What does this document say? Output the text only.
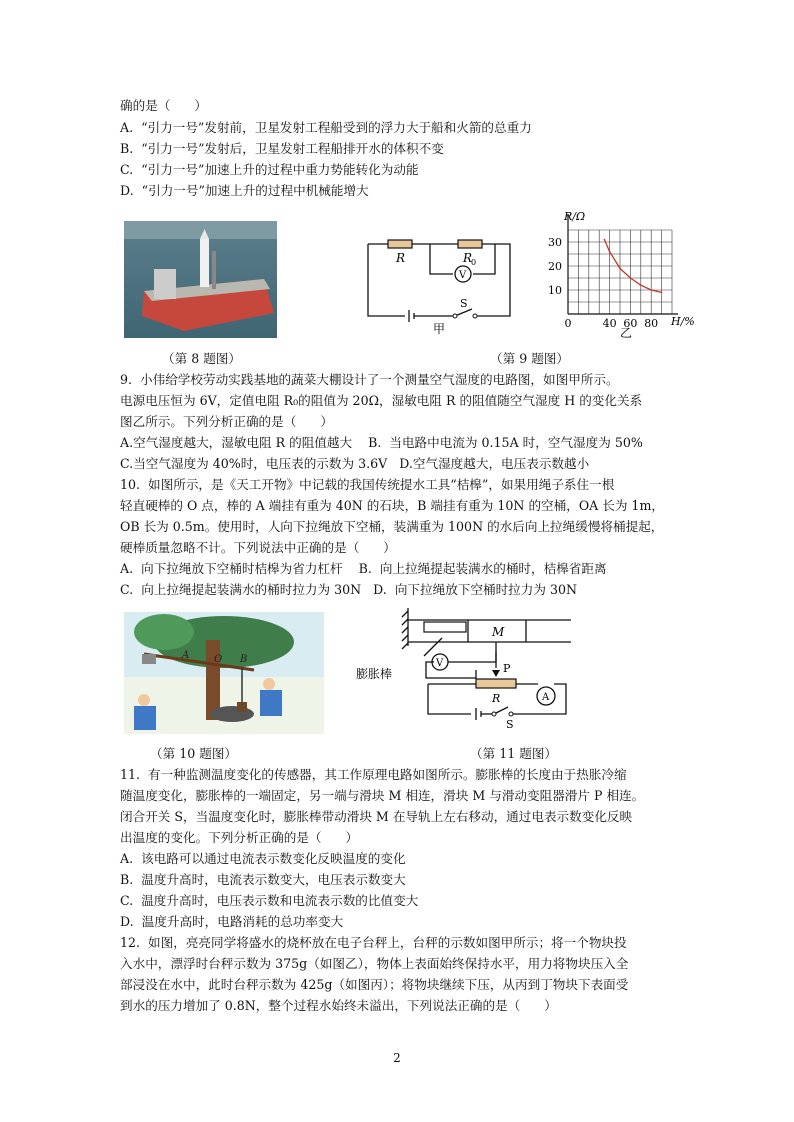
确的是（      ）
A.  “引力一号”发射前，卫星发射工程船受到的浮力大于船和火箭的总重力
B.  “引力一号”发射后，卫星发射工程船排开水的体积不变
C.  “引力一号”加速上升的过程中重力势能转化为动能
D.  “引力一号”加速上升的过程中机械能增大
（第 8 题图）
R	R
0
V
S
甲	0	40 60 80
10
20
30
R/Ω
H/%
乙
（第 9 题图）
9.  小伟给学校劳动实践基地的蔬菜大棚设计了一个测量空气湿度的电路图，如图甲所示。
电源电压恒为 6V，定值电阻 R₀的阻值为 20Ω，湿敏电阻 R 的阻值随空气湿度 H 的变化关系
图乙所示。下列分析正确的是（      ）
A.空气湿度越大，湿敏电阻 R 的阻值越大    B.  当电路中电流为 0.15A 时，空气湿度为 50%
C.当空气湿度为 40%时，电压表的示数为 3.6V   D.空气湿度越大，电压表示数越小
10.  如图所示，是《天工开物》中记载的我国传统提水工具“桔槔”，如果用绳子系住一根
轻直硬棒的 O 点，棒的 A 端挂有重为 40N 的石块，B 端挂有重为 10N 的空桶，OA 长为 1m，
OB 长为 0.5m。使用时，人向下拉绳放下空桶，装满重为 100N 的水后向上拉绳缓慢将桶提起，
硬棒质量忽略不计。下列说法中正确的是（      ）
A.  向下拉绳放下空桶时桔槔为省力杠杆    B.  向上拉绳提起装满水的桶时，桔槔省距离
C.  向上拉绳提起装满水的桶时拉力为 30N   D.  向下拉绳放下空桶时拉力为 30N
A O B
（第 10 题图）
M
P
R
V
A
S
膨胀棒
（第 11 题图）
11.  有一种监测温度变化的传感器，其工作原理电路如图所示。膨胀棒的长度由于热胀冷缩
随温度变化，膨胀棒的一端固定，另一端与滑块 M 相连，滑块 M 与滑动变阻器滑片 P 相连。
闭合开关 S，当温度变化时，膨胀棒带动滑块 M 在导轨上左右移动，通过电表示数变化反映
出温度的变化。下列分析正确的是（      ）
A.  该电路可以通过电流表示数变化反映温度的变化
B.  温度升高时，电流表示数变大，电压表示数变大
C.  温度升高时，电压表示数和电流表示数的比值变大
D.  温度升高时，电路消耗的总功率变大
12.  如图，亮亮同学将盛水的烧杯放在电子台秤上，台秤的示数如图甲所示；将一个物块投
入水中，漂浮时台秤示数为 375g（如图乙），物体上表面始终保持水平，用力将物块压入全
部浸没在水中，此时台秤示数为 425g（如图丙）；将物块继续下压，从丙到丁物块下表面受
到水的压力增加了 0.8N，整个过程水始终未溢出，下列说法正确的是（      ）
2
